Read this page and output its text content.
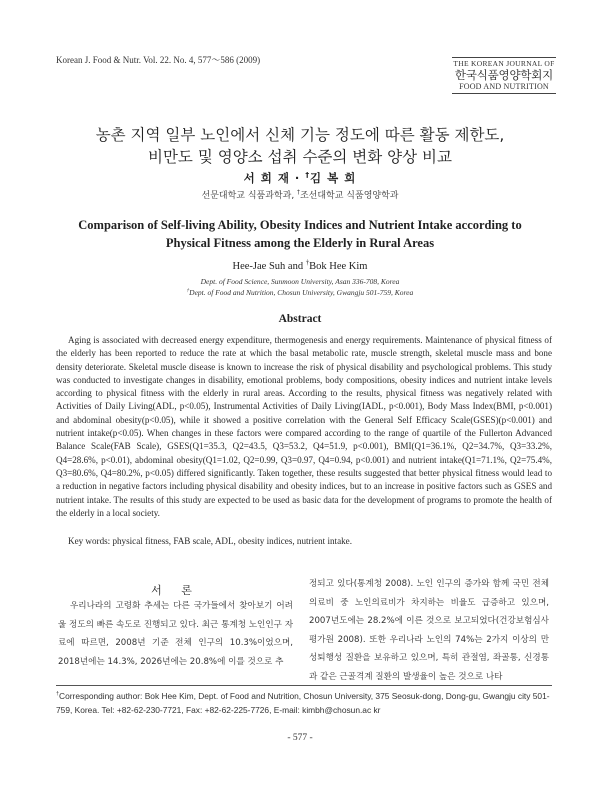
Korean J. Food & Nutr. Vol. 22. No. 4, 577～586 (2009)	THE KOREAN JOURNAL OF
한국식품영양학회지
FOOD AND NUTRITION
농촌 지역 일부 노인에서 신체 기능 정도에 따른 활동 제한도,
비만도 및 영양소 섭취 수준의 변화 양상 비교
서 희 재 · †김 복 희
선문대학교 식품과학과, †조선대학교 식품영양학과
Comparison of Self-living Ability, Obesity Indices and Nutrient Intake according to
Physical Fitness among the Elderly in Rural Areas
Hee-Jae Suh and †Bok Hee Kim
Dept. of Food Science, Sunmoon University, Asan 336-708, Korea
†Dept. of Food and Nutrition, Chosun University, Gwangju 501-759, Korea
Abstract

Aging is associated with decreased energy expenditure, thermogenesis and energy requirements. Maintenance of physical fitness of the elderly has been reported to reduce the rate at which the basal metabolic rate, muscle strength, skeletal muscle mass and bone density deteriorate. Skeletal muscle disease is known to increase the risk of physical disability and psychological problems. This study was conducted to investigate changes in disability, emotional problems, body compositions, obesity indices and nutrient intake levels according to physical fitness with the elderly in rural areas. According to the results, physical fitness was negatively related with Activities of Daily Living(ADL, p<0.05), Instrumental Activities of Daily Living(IADL, p<0.001), Body Mass Index(BMI, p<0.001) and abdominal obesity(p<0.05), while it showed a positive correlation with the General Self Efficacy Scale(GSES)(p<0.001) and nutrient intake(p<0.05). When changes in these factors were compared according to the range of quartile of the Fullerton Advanced Balance Scale(FAB Scale), GSES(Q1=35.3, Q2=43.5, Q3=53.2, Q4=51.9, p<0.001), BMI(Q1=36.1%, Q2=34.7%, Q3=33.2%, Q4=28.6%, p<0.01), abdominal obesity(Q1=1.02, Q2=0.99, Q3=0.97, Q4=0.94, p<0.001) and nutrient intake(Q1=71.1%, Q2=75.4%, Q3=80.6%, Q4=80.2%, p<0.05) differed significantly. Taken together, these results suggested that better physical fitness would lead to a reduction in negative factors including physical disability and obesity indices, but to an increase in positive factors such as GSES and nutrient intake. The results of this study are expected to be used as basic data for the development of programs to promote the health of the elderly in a local society.

Key words: physical fitness, FAB scale, ADL, obesity indices, nutrient intake.
서 론
우리나라의 고령화 추세는 다른 국가들에서 찾아보기 어려울 정도의 빠른 속도로 진행되고 있다. 최근 통계청 노인인구 자료에 따르면, 2008년 기준 전체 인구의 10.3%이었으며, 2018년에는 14.3%, 2026년에는 20.8%에 이를 것으로 추
정되고 있다(통계청 2008). 노인 인구의 증가와 함께 국민 전체 의료비 중 노인의료비가 차지하는 비율도 급증하고 있으며, 2007년도에는 28.2%에 이른 것으로 보고되었다(건강보험심사평가원 2008). 또한 우리나라 노인의 74%는 2가지 이상의 만성퇴행성 질환을 보유하고 있으며, 특히 관절염, 좌골통, 신경통과 같은 근골격계 질환의 발생율이 높은 것으로 나타
†Corresponding author: Bok Hee Kim, Dept. of Food and Nutrition, Chosun University, 375 Seosuk-dong, Dong-gu, Gwangju city 501-759, Korea. Tel: +82-62-230-7721, Fax: +82-62-225-7726, E-mail: kimbh@chosun.ac kr
- 577 -
